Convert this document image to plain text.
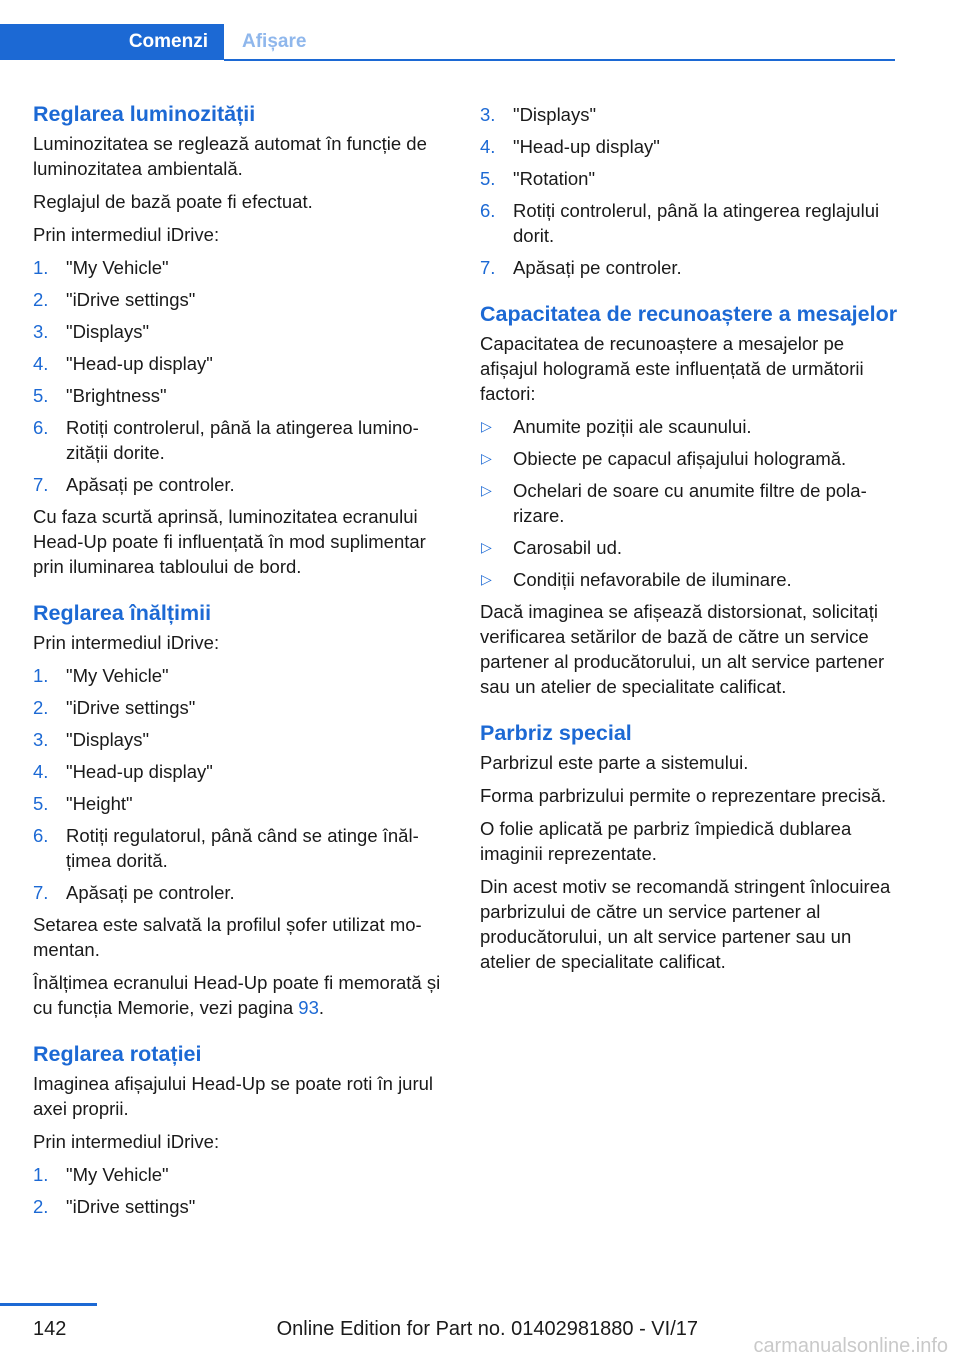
Comenzi	Afișare
Reglarea luminozității

Luminozitatea se reglează automat în funcție de luminozitatea ambientală.

Reglajul de bază poate fi efectuat.

Prin intermediul iDrive:

1. "My Vehicle"
2. "iDrive settings"
3. "Displays"
4. "Head-up display"
5. "Brightness"
6. Rotiți controlerul, până la atingerea luminozității dorite.
7. Apăsați pe controler.

Cu faza scurtă aprinsă, luminozitatea ecranului Head-Up poate fi influențată în mod suplimentar prin iluminarea tabloului de bord.

Reglarea înălțimii

Prin intermediul iDrive:

1. "My Vehicle"
2. "iDrive settings"
3. "Displays"
4. "Head-up display"
5. "Height"
6. Rotiți regulatorul, până când se atinge înălțimea dorită.
7. Apăsați pe controler.

Setarea este salvată la profilul șofer utilizat momentan.

Înălțimea ecranului Head-Up poate fi memorată și cu funcția Memorie, vezi pagina 93.

Reglarea rotației

Imaginea afișajului Head-Up se poate roti în jurul axei proprii.

Prin intermediul iDrive:

1. "My Vehicle"
2. "iDrive settings"
3. "Displays"
4. "Head-up display"
5. "Rotation"
6. Rotiți controlerul, până la atingerea reglajului dorit.
7. Apăsați pe controler.
Capacitatea de recunoaștere a mesajelor

Capacitatea de recunoaștere a mesajelor pe afișajul hologramă este influențată de următorii factori:

▷ Anumite poziții ale scaunului.
▷ Obiecte pe capacul afișajului hologramă.
▷ Ochelari de soare cu anumite filtre de polarizare.
▷ Carosabil ud.
▷ Condiții nefavorabile de iluminare.

Dacă imaginea se afișează distorsionat, solicitați verificarea setărilor de bază de către un service partener al producătorului, un alt service partener sau un atelier de specialitate calificat.

Parbriz special

Parbrizul este parte a sistemului.

Forma parbrizului permite o reprezentare precisă.

O folie aplicată pe parbriz împiedică dublarea imaginii reprezentate.

Din acest motiv se recomandă stringent înlocuirea parbrizului de către un service partener al producătorului, un alt service partener sau un atelier de specialitate calificat.

142	Online Edition for Part no. 01402981880 - VI/17
carmanualsonline.info
